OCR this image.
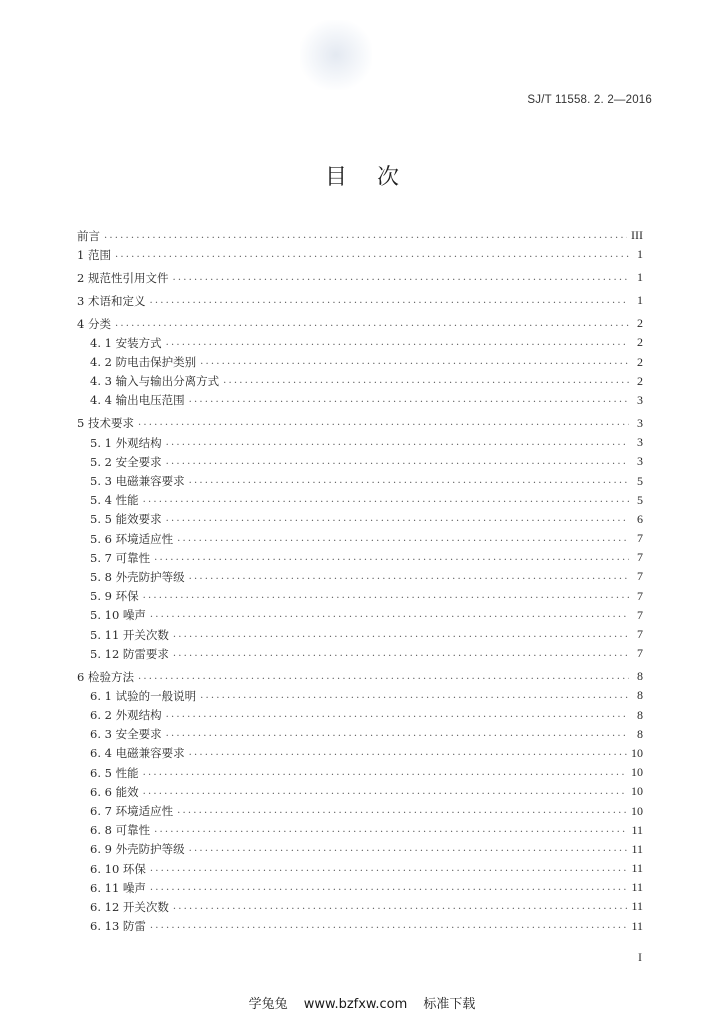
SJ/T 11558. 2. 2—2016
目 次
前言 .....	III
1 范围 .....	1
2 规范性引用文件 .....	1
3 术语和定义 .....	1
4 分类 .....	2
4. 1 安装方式 .....	2
4. 2 防电击保护类别 .....	2
4. 3 输入与输出分离方式 .....	2
4. 4 输出电压范围 .....	3
5 技术要求 .....	3
5. 1 外观结构 .....	3
5. 2 安全要求 .....	3
5. 3 电磁兼容要求 .....	5
5. 4 性能 .....	5
5. 5 能效要求 .....	6
5. 6 环境适应性 .....	7
5. 7 可靠性 .....	7
5. 8 外壳防护等级 .....	7
5. 9 环保 .....	7
5. 10 噪声 .....	7
5. 11 开关次数 .....	7
5. 12 防雷要求 .....	7
6 检验方法 .....	8
6. 1 试验的一般说明 .....	8
6. 2 外观结构 .....	8
6. 3 安全要求 .....	8
6. 4 电磁兼容要求 .....	10
6. 5 性能 .....	10
6. 6 能效 .....	10
6. 7 环境适应性 .....	10
6. 8 可靠性 .....	11
6. 9 外壳防护等级 .....	11
6. 10 环保 .....	11
6. 11 噪声 .....	11
6. 12 开关次数 .....	11
6. 13 防雷 .....	11
I
学兔兔 www.bzfxw.com 标准下载
